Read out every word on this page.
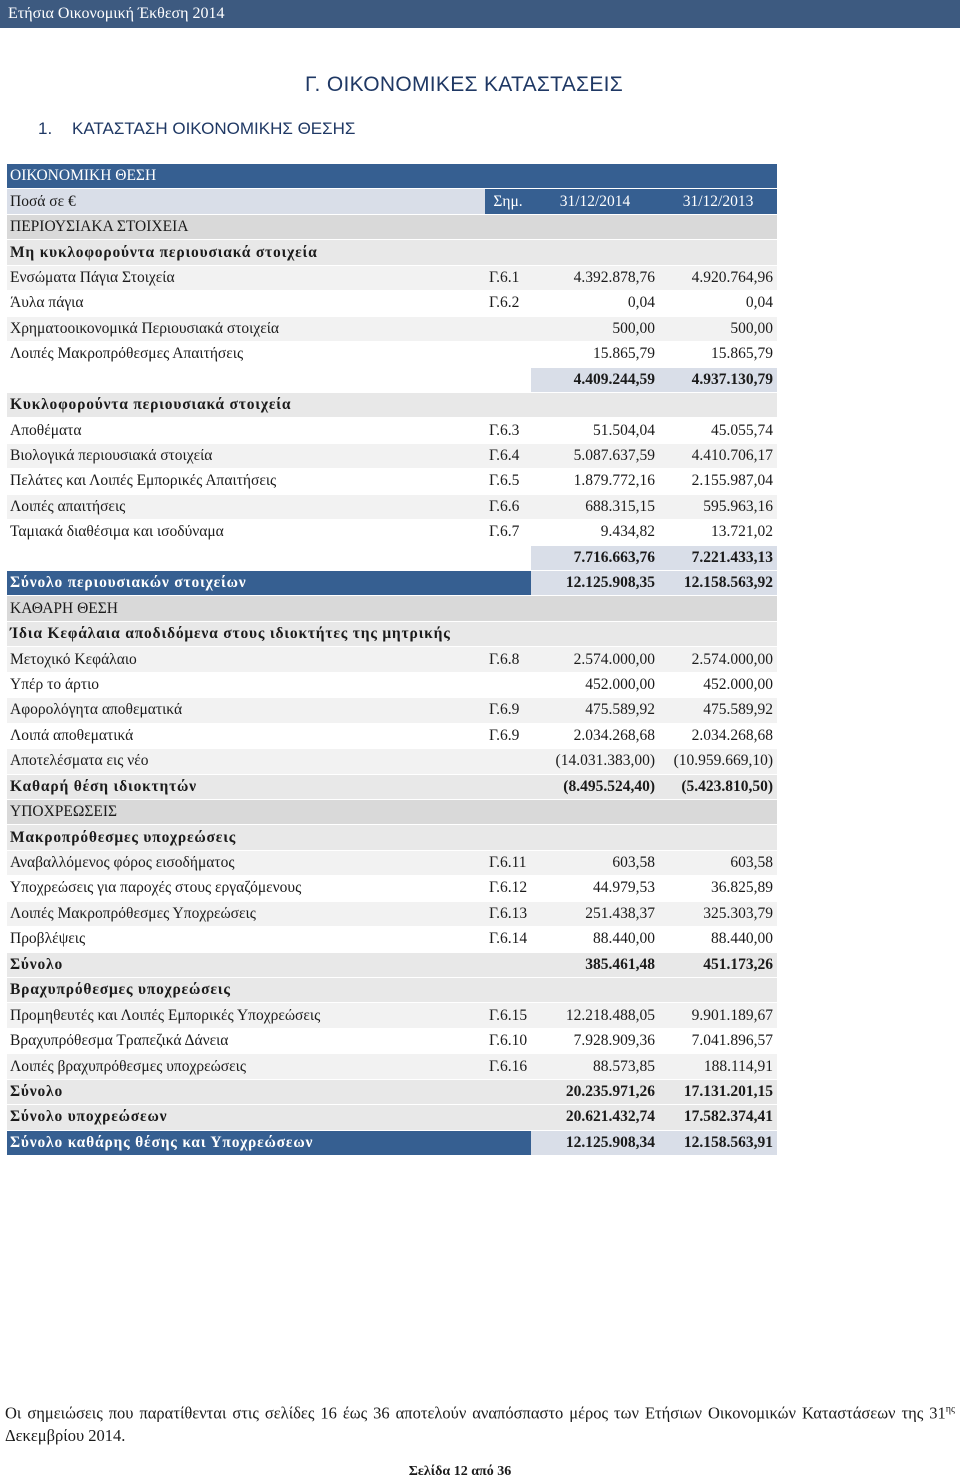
Ετήσια Οικονομική Έκθεση 2014
Γ. ΟΙΚΟΝΟΜΙΚΕΣ ΚΑΤΑΣΤΑΣΕΙΣ
1. ΚΑΤΑΣΤΑΣΗ ΟΙΚΟΝΟΜΙΚΗΣ ΘΕΣΗΣ
ΟΙΚΟΝΟΜΙΚΗ ΘΕΣΗ			
Ποσά σε €	Σημ.	31/12/2014	31/12/2013
ΠΕΡΙΟΥΣΙΑΚΑ ΣΤΟΙΧΕΙΑ			
Μη κυκλοφορούντα περιουσιακά στοιχεία			
Ενσώματα Πάγια Στοιχεία	Γ.6.1	4.392.878,76	4.920.764,96
Άυλα πάγια	Γ.6.2	0,04	0,04
Χρηματοοικονομικά Περιουσιακά στοιχεία		500,00	500,00
Λοιπές Μακροπρόθεσμες Απαιτήσεις		15.865,79	15.865,79
		4.409.244,59	4.937.130,79
Κυκλοφορούντα περιουσιακά στοιχεία			
Αποθέματα	Γ.6.3	51.504,04	45.055,74
Βιολογικά περιουσιακά στοιχεία	Γ.6.4	5.087.637,59	4.410.706,17
Πελάτες και Λοιπές Εμπορικές Απαιτήσεις	Γ.6.5	1.879.772,16	2.155.987,04
Λοιπές απαιτήσεις	Γ.6.6	688.315,15	595.963,16
Ταμιακά διαθέσιμα και ισοδύναμα	Γ.6.7	9.434,82	13.721,02
		7.716.663,76	7.221.433,13
Σύνολο περιουσιακών στοιχείων		12.125.908,35	12.158.563,92
ΚΑΘΑΡΗ ΘΕΣΗ			
Ίδια Κεφάλαια αποδιδόμενα στους ιδιοκτήτες της μητρικής			
Μετοχικό Κεφάλαιο	Γ.6.8	2.574.000,00	2.574.000,00
Υπέρ το άρτιο		452.000,00	452.000,00
Αφορολόγητα αποθεματικά	Γ.6.9	475.589,92	475.589,92
Λοιπά αποθεματικά	Γ.6.9	2.034.268,68	2.034.268,68
Αποτελέσματα εις νέο		(14.031.383,00)	(10.959.669,10)
Καθαρή θέση ιδιοκτητών		(8.495.524,40)	(5.423.810,50)
ΥΠΟΧΡΕΩΣΕΙΣ			
Μακροπρόθεσμες υποχρεώσεις			
Αναβαλλόμενος φόρος εισοδήματος	Γ.6.11	603,58	603,58
Υποχρεώσεις για παροχές στους εργαζόμενους	Γ.6.12	44.979,53	36.825,89
Λοιπές Μακροπρόθεσμες Υποχρεώσεις	Γ.6.13	251.438,37	325.303,79
Προβλέψεις	Γ.6.14	88.440,00	88.440,00
Σύνολο		385.461,48	451.173,26
Βραχυπρόθεσμες υποχρεώσεις			
Προμηθευτές και Λοιπές Εμπορικές Υποχρεώσεις	Γ.6.15	12.218.488,05	9.901.189,67
Βραχυπρόθεσμα Τραπεζικά Δάνεια	Γ.6.10	7.928.909,36	7.041.896,57
Λοιπές βραχυπρόθεσμες υποχρεώσεις	Γ.6.16	88.573,85	188.114,91
Σύνολο		20.235.971,26	17.131.201,15
Σύνολο υποχρεώσεων		20.621.432,74	17.582.374,41
Σύνολο καθάρης θέσης και Υποχρεώσεων		12.125.908,34	12.158.563,91
Οι σημειώσεις που παρατίθενται στις σελίδες 16 έως 36 αποτελούν αναπόσπαστο μέρος των Ετήσιων Οικονομικών Καταστάσεων της $31^{\eta\varsigma}$ Δεκεμβρίου 2014.
Σελίδα 12 από 36
